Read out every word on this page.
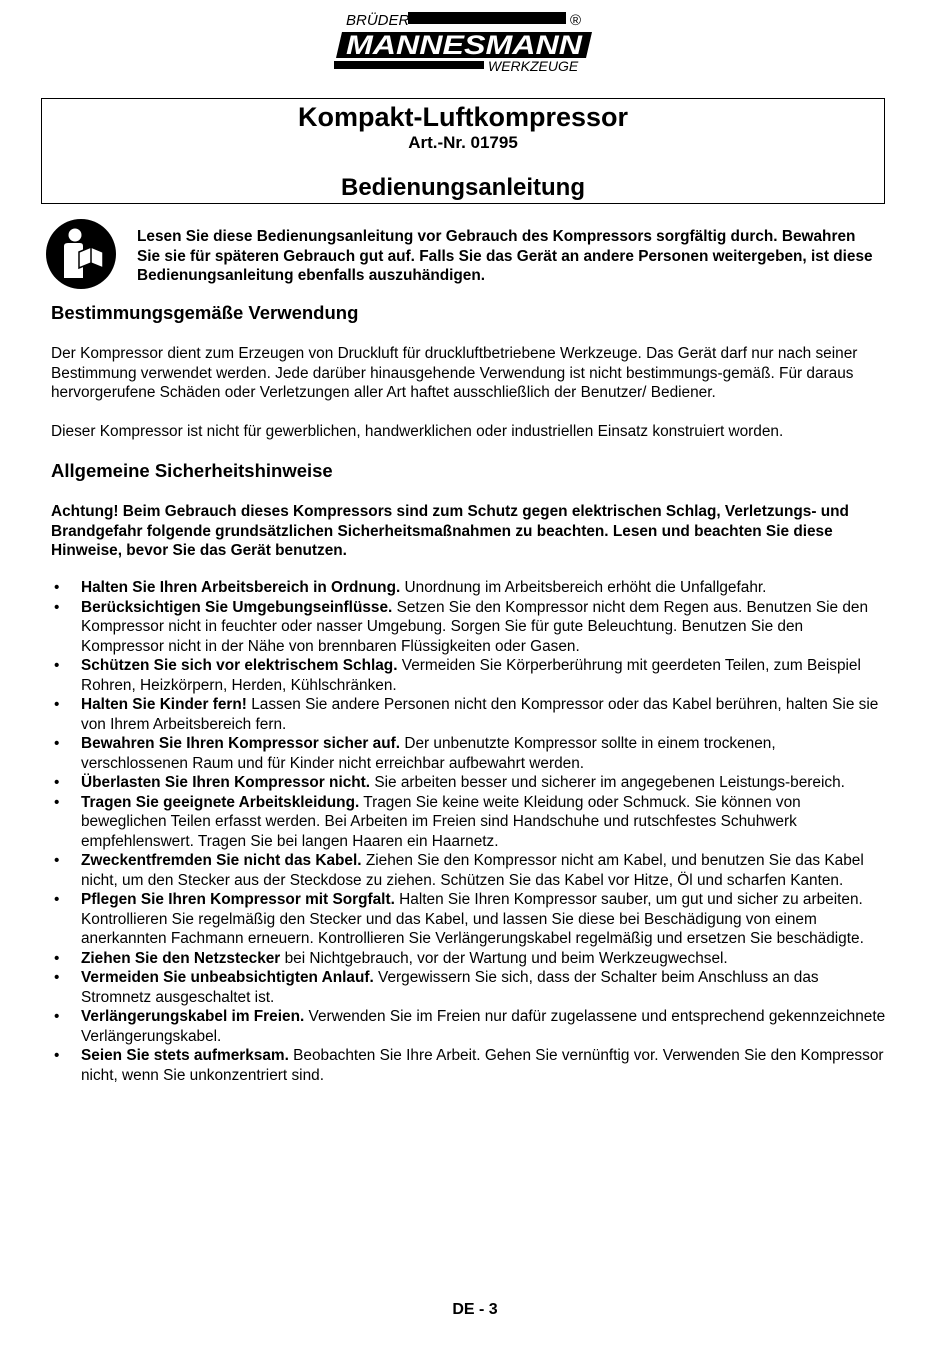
BRÜDER
MANNESMANN
WERKZEUGE
®
Kompakt-Luftkompressor
Art.-Nr. 01795
Bedienungsanleitung

Lesen Sie diese Bedienungsanleitung vor Gebrauch des Kompressors sorgfältig durch. Bewahren Sie sie für späteren Gebrauch gut auf. Falls Sie das Gerät an andere Personen weitergeben, ist diese Bedienungsanleitung ebenfalls auszuhändigen.

Bestimmungsgemäße Verwendung

Der Kompressor dient zum Erzeugen von Druckluft für druckluftbetriebene Werkzeuge. Das Gerät darf nur nach seiner Bestimmung verwendet werden. Jede darüber hinausgehende Verwendung ist nicht bestimmungs-gemäß. Für daraus hervorgerufene Schäden oder Verletzungen aller Art haftet ausschließlich der Benutzer/ Bediener.

Dieser Kompressor ist nicht für gewerblichen, handwerklichen oder industriellen Einsatz konstruiert worden.

Allgemeine Sicherheitshinweise

Achtung! Beim Gebrauch dieses Kompressors sind zum Schutz gegen elektrischen Schlag, Verletzungs- und Brandgefahr folgende grundsätzlichen Sicherheitsmaßnahmen zu beachten. Lesen und beachten Sie diese Hinweise, bevor Sie das Gerät benutzen.

• Halten Sie Ihren Arbeitsbereich in Ordnung. Unordnung im Arbeitsbereich erhöht die Unfallgefahr.
• Berücksichtigen Sie Umgebungseinflüsse. Setzen Sie den Kompressor nicht dem Regen aus. Benutzen Sie den Kompressor nicht in feuchter oder nasser Umgebung. Sorgen Sie für gute Beleuchtung. Benutzen Sie den Kompressor nicht in der Nähe von brennbaren Flüssigkeiten oder Gasen.
• Schützen Sie sich vor elektrischem Schlag. Vermeiden Sie Körperberührung mit geerdeten Teilen, zum Beispiel Rohren, Heizkörpern, Herden, Kühlschränken.
• Halten Sie Kinder fern! Lassen Sie andere Personen nicht den Kompressor oder das Kabel berühren, halten Sie sie von Ihrem Arbeitsbereich fern.
• Bewahren Sie Ihren Kompressor sicher auf. Der unbenutzte Kompressor sollte in einem trockenen, verschlossenen Raum und für Kinder nicht erreichbar aufbewahrt werden.
• Überlasten Sie Ihren Kompressor nicht. Sie arbeiten besser und sicherer im angegebenen Leistungs-bereich.
• Tragen Sie geeignete Arbeitskleidung. Tragen Sie keine weite Kleidung oder Schmuck. Sie können von beweglichen Teilen erfasst werden. Bei Arbeiten im Freien sind Handschuhe und rutschfestes Schuhwerk empfehlenswert. Tragen Sie bei langen Haaren ein Haarnetz.
• Zweckentfremden Sie nicht das Kabel. Ziehen Sie den Kompressor nicht am Kabel, und benutzen Sie das Kabel nicht, um den Stecker aus der Steckdose zu ziehen. Schützen Sie das Kabel vor Hitze, Öl und scharfen Kanten.
• Pflegen Sie Ihren Kompressor mit Sorgfalt. Halten Sie Ihren Kompressor sauber, um gut und sicher zu arbeiten. Kontrollieren Sie regelmäßig den Stecker und das Kabel, und lassen Sie diese bei Beschädigung von einem anerkannten Fachmann erneuern. Kontrollieren Sie Verlängerungskabel regelmäßig und ersetzen Sie beschädigte.
• Ziehen Sie den Netzstecker bei Nichtgebrauch, vor der Wartung und beim Werkzeugwechsel.
• Vermeiden Sie unbeabsichtigten Anlauf. Vergewissern Sie sich, dass der Schalter beim Anschluss an das Stromnetz ausgeschaltet ist.
• Verlängerungskabel im Freien. Verwenden Sie im Freien nur dafür zugelassene und entsprechend gekennzeichnete Verlängerungskabel.
• Seien Sie stets aufmerksam. Beobachten Sie Ihre Arbeit. Gehen Sie vernünftig vor. Verwenden Sie den Kompressor nicht, wenn Sie unkonzentriert sind.
DE - 3
